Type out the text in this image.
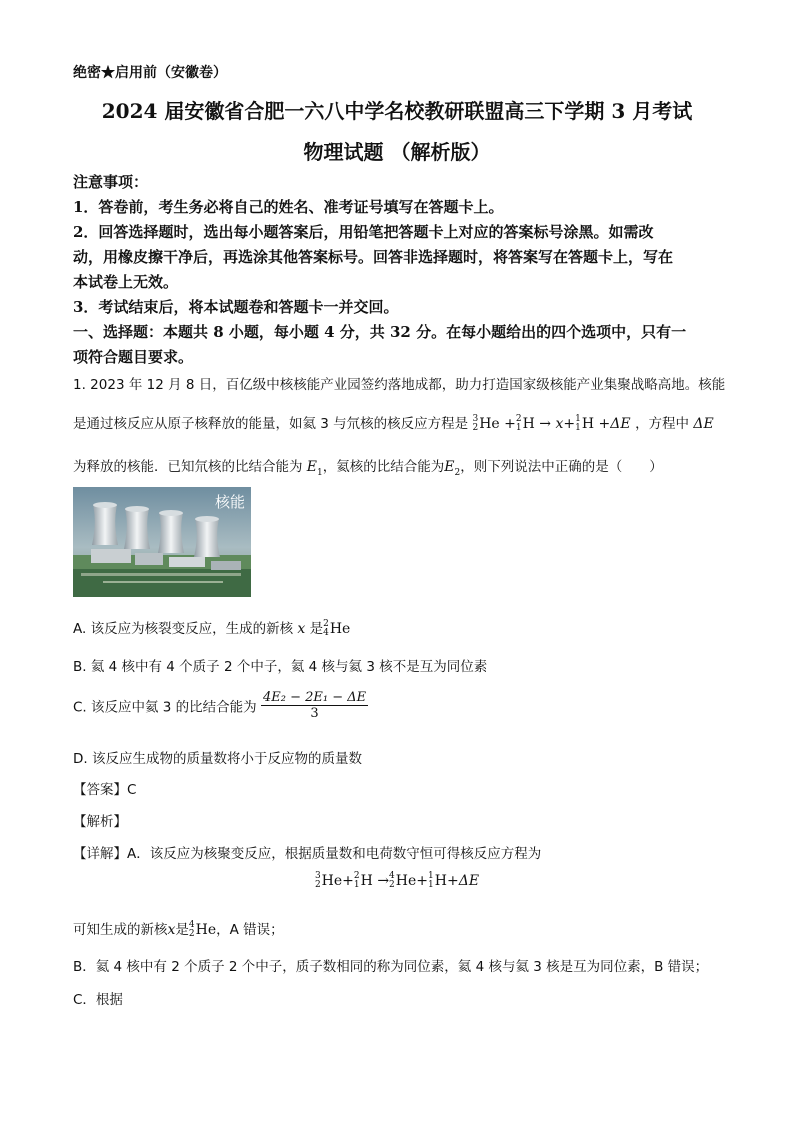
绝密★启用前（安徽卷）
2024 届安徽省合肥一六八中学名校教研联盟高三下学期 3 月考试
物理试题 （解析版）
注意事项：
1．答卷前，考生务必将自己的姓名、准考证号填写在答题卡上。
2．回答选择题时，选出每小题答案后，用铅笔把答题卡上对应的答案标号涂黑。如需改
动，用橡皮擦干净后，再选涂其他答案标号。回答非选择题时，将答案写在答题卡上，写在
本试卷上无效。
3．考试结束后，将本试题卷和答题卡一并交回。
一、选择题：本题共 8 小题，每小题 4 分，共 32 分。在每小题给出的四个选项中，只有一
项符合题目要求。
1. 2023 年 12 月 8 日，百亿级中核核能产业园签约落地成都，助力打造国家级核能产业集聚战略高地。核能
是通过核反应从原子核释放的能量，如氦 3 与氘核的核反应方程是 3
2 He + 2
1 H → x+ 1
1 H +ΔE ，方程中 ΔE
为释放的核能．已知氘核的比结合能为 $E_1$，氦核的比结合能为$E_2$，则下列说法中正确的是（　　）
核能
A. 该反应为核裂变反应，生成的新核 x 是 2
4 He
B. 氦 4 核中有 4 个质子 2 个中子，氦 4 核与氦 3 核不是互为同位素
C. 该反应中氦 3 的比结合能为 $\frac{\text{4E₂ − 2E₁ − ΔE}}{3}$
D. 该反应生成物的质量数将小于反应物的质量数
【答案】C
【解析】
【详解】A．该反应为核聚变反应，根据质量数和电荷数守恒可得核反应方程为
3
2 He+ 2
1 H → 4
2 He+ 1
1 H+ΔE
可知生成的新核x是 4
2 He，A 错误；
B．氦 4 核中有 2 个质子 2 个中子，质子数相同的称为同位素，氦 4 核与氦 3 核是互为同位素，B 错误；
C．根据
